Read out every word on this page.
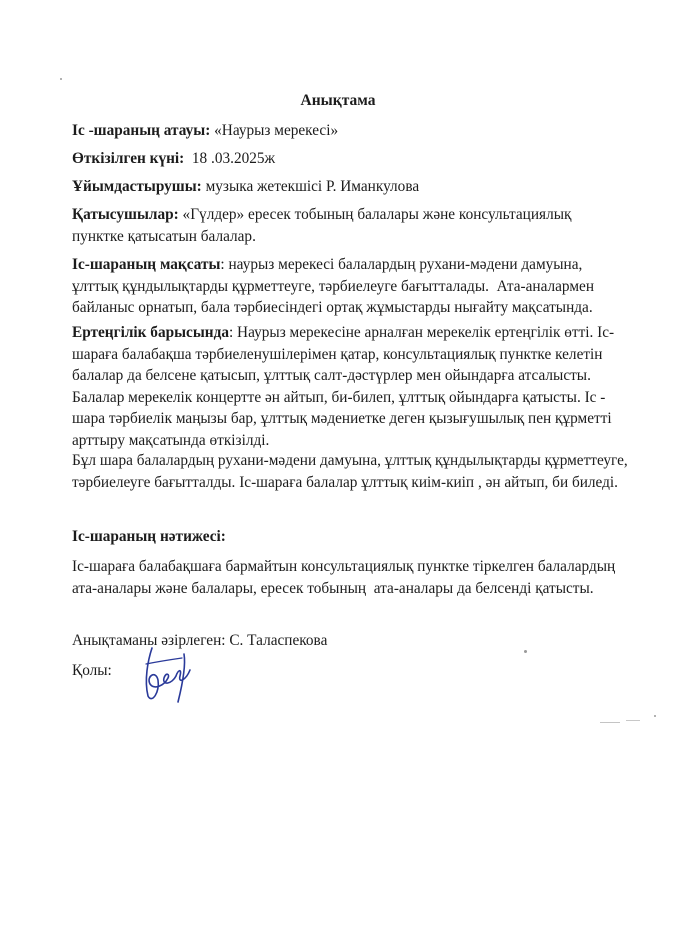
Анықтама
Іс -шараның атауы: «Наурыз мерекесі»
Өткізілген күні:  18 .03.2025ж
Ұйымдастырушы: музыка жетекшісі Р. Иманкулова
Қатысушылар: «Гүлдер» ересек тобының балалары және консультациялық
пунктке қатысатын балалар.
Іс-шараның мақсаты: наурыз мерекесі балалардың рухани-мәдени дамуына,
ұлттық құндылықтарды құрметтеуге, тәрбиелеуге бағытталады.  Ата-аналармен
байланыс орнатып, бала тәрбиесіндегі ортақ жұмыстарды нығайту мақсатында.
Ертеңгілік барысында: Наурыз мерекесіне арналған мерекелік ертеңгілік өтті. Іс-
шараға балабақша тәрбиеленушілерімен қатар, консультациялық пунктке келетін
балалар да белсене қатысып, ұлттық салт-дәстүрлер мен ойындарға атсалысты.
Балалар мерекелік концертте ән айтып, би-билеп, ұлттық ойындарға қатысты. Іс -
шара тәрбиелік маңызы бар, ұлттық мәдениетке деген қызығушылық пен құрметті
арттыру мақсатында өткізілді.
Бұл шара балалардың рухани-мәдени дамуына, ұлттық құндылықтарды құрметтеуге,
тәрбиелеуге бағытталды. Іс-шараға балалар ұлттық киім-киіп , ән айтып, би биледі.
Іс-шараның нәтижесі:
Іс-шараға балабақшаға бармайтын консультациялық пунктке тіркелген балалардың
ата-аналары және балалары, ересек тобының  ата-аналары да белсенді қатысты.
Анықтаманы әзірлеген: С. Таласпекова
Қолы:
